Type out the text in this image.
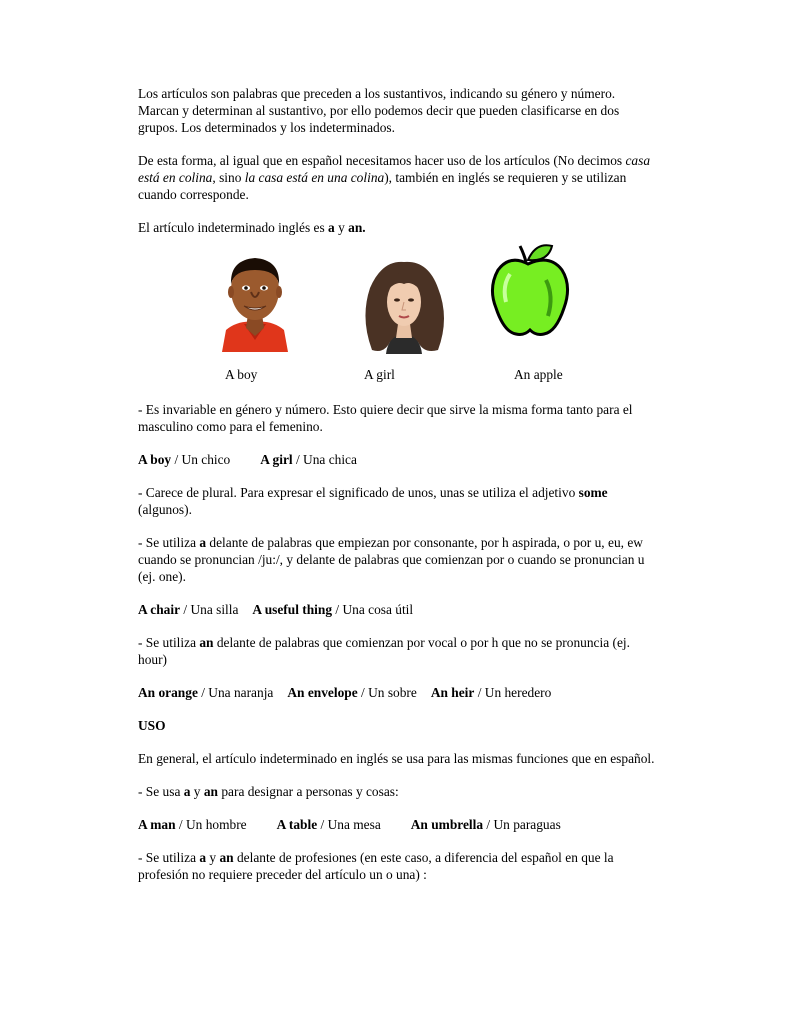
Los artículos son palabras que preceden a los sustantivos, indicando su género y número. Marcan y determinan al sustantivo, por ello podemos decir que pueden clasificarse en dos grupos. Los determinados y los indeterminados.

De esta forma, al igual que en español necesitamos hacer uso de los artículos (No decimos casa está en colina, sino la casa está en una colina), también en inglés se requieren y se utilizan cuando corresponde.

El artículo indeterminado inglés es a y an.

A boy	A girl	An apple

- Es invariable en género y número. Esto quiere decir que sirve la misma forma tanto para el masculino como para el femenino.

A boy / Un chico A girl / Una chica

- Carece de plural. Para expresar el significado de unos, unas se utiliza el adjetivo some (algunos).

- Se utiliza a delante de palabras que empiezan por consonante, por h aspirada, o por u, eu, ew cuando se pronuncian /ju:/, y delante de palabras que comienzan por o cuando se pronuncian u (ej. one).

A chair / Una silla A useful thing / Una cosa útil

- Se utiliza an delante de palabras que comienzan por vocal o por h que no se pronuncia (ej. hour)

An orange / Una naranja An envelope / Un sobre An heir / Un heredero

USO

En general, el artículo indeterminado en inglés se usa para las mismas funciones que en español.

- Se usa a y an para designar a personas y cosas:

A man / Un hombre A table / Una mesa An umbrella / Un paraguas

- Se utiliza a y an delante de profesiones (en este caso, a diferencia del español en que la profesión no requiere preceder del artículo un o una) :
